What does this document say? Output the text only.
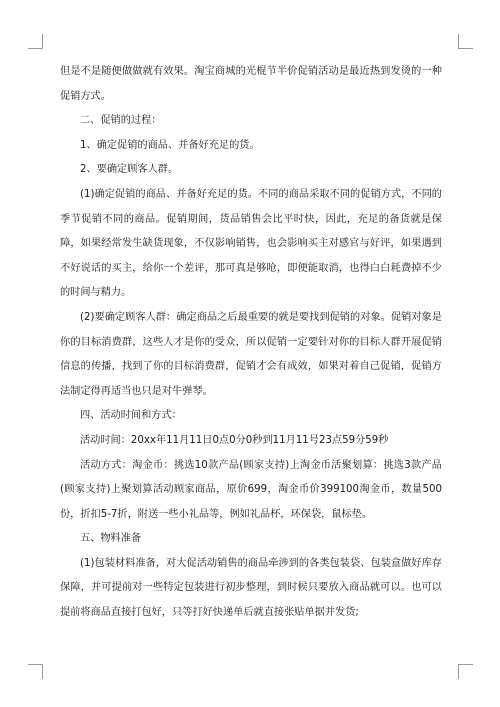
但是不是随便做做就有效果。淘宝商城的光棍节半价促销活动是最近热到发烫的一种促销方式。

二、促销的过程：

1、确定促销的商品、并备好充足的货。

2、要确定顾客人群。

(1)确定促销的商品、并备好充足的货。不同的商品采取不同的促销方式，不同的季节促销不同的商品。促销期间，货品销售会比平时快，因此，充足的备货就是保障，如果经常发生缺货现象，不仅影响销售，也会影响买主对感官与好评，如果遇到不好说话的买主，给你一个差评，那可真是够呛，即便能取消，也得白白耗费掉不少的时间与精力。

(2)要确定顾客人群：确定商品之后最重要的就是要找到促销的对象。促销对象是你的目标消费群，这些人才是你的受众，所以促销一定要针对你的目标人群开展促销信息的传播，找到了你的目标消费群，促销才会有成效，如果对着自己促销，促销方法制定得再适当也只是对牛弹琴。

四、活动时间和方式：

活动时间：20xx年11月11日0点0分0秒到11月11号23点59分59秒

活动方式：淘金币：挑选10款产品(顾家支持)上淘金币活聚划算：挑选3款产品(顾家支持)上聚划算活动顾家商品，原价699，淘金币价399100淘金币，数量500份，折扣5-7折，附送一些小礼品等，例如礼品杯，环保袋，鼠标垫。

五、物料准备

(1)包装材料准备，对大促活动销售的商品牵涉到的各类包装袋、包装盒做好库存保障，并可提前对一些特定包装进行初步整理，到时候只要放入商品就可以。也可以提前将商品直接打包好，只等打好快递单后就直接张贴单据并发货;
